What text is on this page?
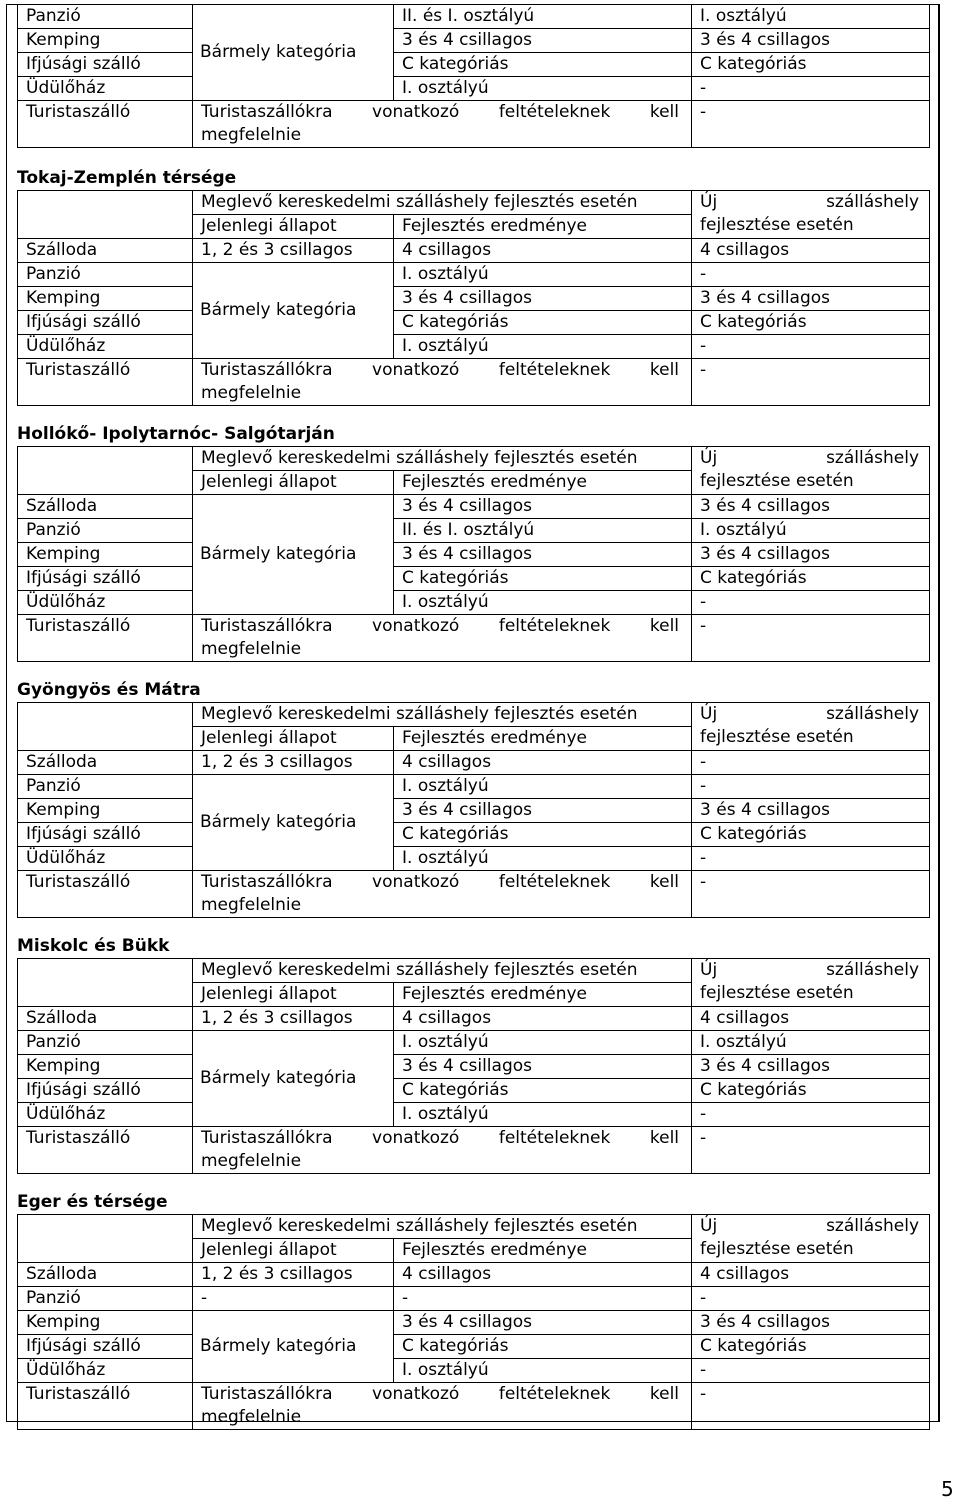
Panzió	Bármely kategória	II. és I. osztályú	I. osztályú
Kemping		3 és 4 csillagos	3 és 4 csillagos
Ifjúsági szálló		C kategóriás	C kategóriás
Üdülőház		I. osztályú	-
Turistaszálló	Turistaszállókra vonatkozó feltételeknek kell megfelelnie		-
Tokaj-Zemplén térsége
	Meglevő kereskedelmi szálláshely fejlesztés esetén		Új szálláshely
fejlesztése esetén

	Jelenlegi állapot	Fejlesztés eredménye	
Szálloda	1, 2 és 3 csillagos	4 csillagos	4 csillagos
Panzió	Bármely kategória	I. osztályú	-
Kemping		3 és 4 csillagos	3 és 4 csillagos
Ifjúsági szálló		C kategóriás	C kategóriás
Üdülőház		I. osztályú	-
Turistaszálló	Turistaszállókra vonatkozó feltételeknek kell megfelelnie		-
Hollókő- Ipolytarnóc- Salgótarján
	Meglevő kereskedelmi szálláshely fejlesztés esetén		Új szálláshely
fejlesztése esetén

	Jelenlegi állapot	Fejlesztés eredménye	
Szálloda	Bármely kategória	3 és 4 csillagos	3 és 4 csillagos
Panzió		II. és I. osztályú	I. osztályú
Kemping		3 és 4 csillagos	3 és 4 csillagos
Ifjúsági szálló		C kategóriás	C kategóriás
Üdülőház		I. osztályú	-
Turistaszálló	Turistaszállókra vonatkozó feltételeknek kell megfelelnie		-
Gyöngyös és Mátra
	Meglevő kereskedelmi szálláshely fejlesztés esetén		Új szálláshely
fejlesztése esetén

	Jelenlegi állapot	Fejlesztés eredménye	
Szálloda	1, 2 és 3 csillagos	4 csillagos	-
Panzió	Bármely kategória	I. osztályú	-
Kemping		3 és 4 csillagos	3 és 4 csillagos
Ifjúsági szálló		C kategóriás	C kategóriás
Üdülőház		I. osztályú	-
Turistaszálló	Turistaszállókra vonatkozó feltételeknek kell megfelelnie		-
Miskolc és Bükk
	Meglevő kereskedelmi szálláshely fejlesztés esetén		Új szálláshely
fejlesztése esetén

	Jelenlegi állapot	Fejlesztés eredménye	
Szálloda	1, 2 és 3 csillagos	4 csillagos	4 csillagos
Panzió	Bármely kategória	I. osztályú	I. osztályú
Kemping		3 és 4 csillagos	3 és 4 csillagos
Ifjúsági szálló		C kategóriás	C kategóriás
Üdülőház		I. osztályú	-
Turistaszálló	Turistaszállókra vonatkozó feltételeknek kell megfelelnie		-
Eger és térsége
	Meglevő kereskedelmi szálláshely fejlesztés esetén		Új szálláshely
fejlesztése esetén

	Jelenlegi állapot	Fejlesztés eredménye	
Szálloda	1, 2 és 3 csillagos	4 csillagos	4 csillagos
Panzió	-	-	-
Kemping	Bármely kategória	3 és 4 csillagos	3 és 4 csillagos
Ifjúsági szálló		C kategóriás	C kategóriás
Üdülőház		I. osztályú	-
Turistaszálló	Turistaszállókra vonatkozó feltételeknek kell megfelelnie		-
5
